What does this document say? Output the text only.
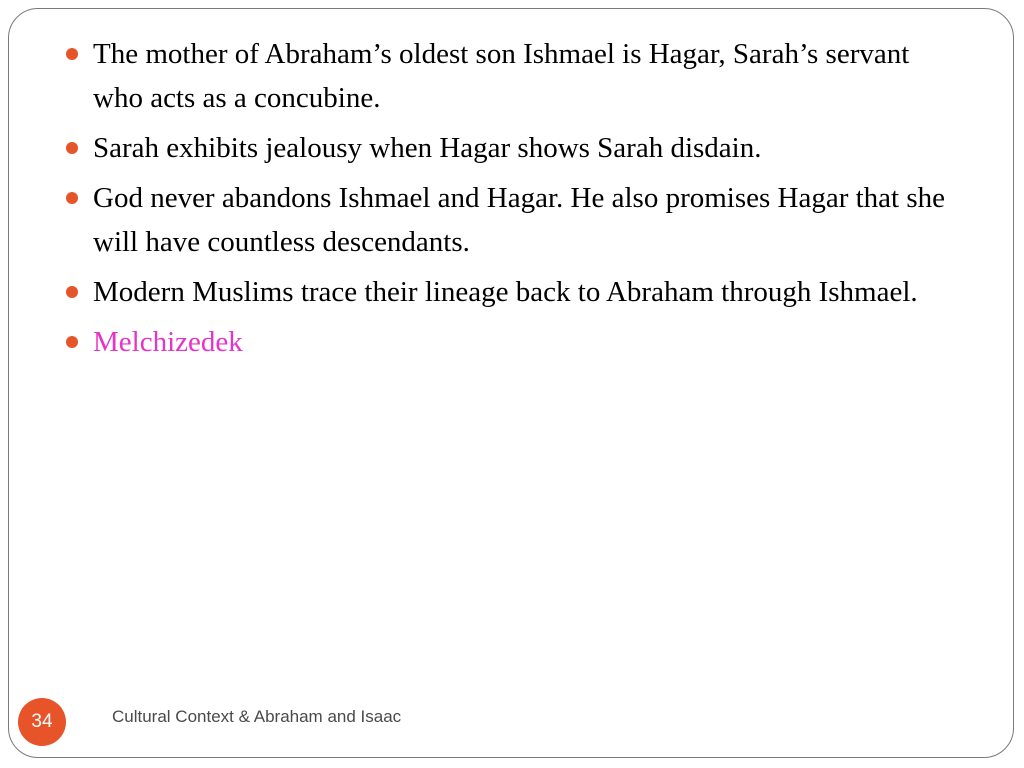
The mother of Abraham’s oldest son Ishmael is Hagar, Sarah’s servant who acts as a concubine.
Sarah exhibits jealousy when Hagar shows Sarah disdain.
God never abandons Ishmael and Hagar. He also promises Hagar that she will have countless descendants.
Modern Muslims trace their lineage back to Abraham through Ishmael.
Melchizedek
34	Cultural Context & Abraham and Isaac
